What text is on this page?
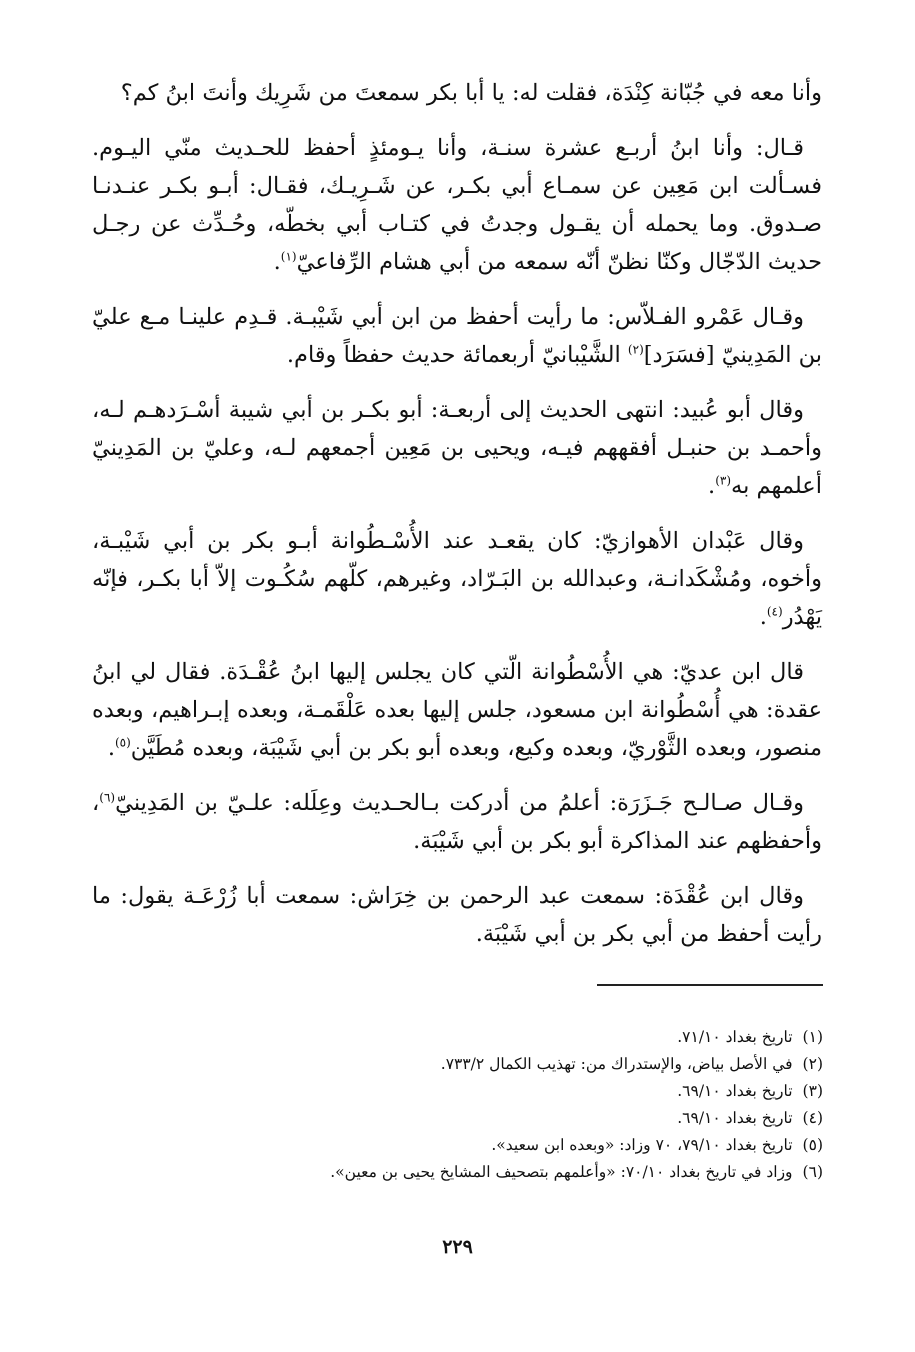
وأنا معه في جُبّانة كِنْدَة، فقلت له: يا أبا بكر سمعتَ من شَرِيك وأنتَ ابنُ كم؟

قـال: وأنا ابنُ أربـع عشرة سنـة، وأنا يـومئذٍ أحفظ للحـديث منّي اليـوم. فسـألت ابن مَعِين عن سمـاع أبي بكـر، عن شَـرِيـك، فقـال: أبـو بكـر عنـدنـا صـدوق. وما يحمله أن يقـول وجدتُ في كتـاب أبي بخطّه، وحُـدِّث عن رجـل حديث الدّجّال وكنّا نظنّ أنّه سمعه من أبي هشام الرِّفاعيّ$^{(١)}$.

وقـال عَمْرو الفـلاّس: ما رأيت أحفظ من ابن أبي شَيْبـة. قـدِم علينـا مـع عليّ بن المَدِينيّ [فسَرَد]$^{(٢)}$ الشَّيْبانيّ أربعمائة حديث حفظاً وقام.

وقال أبو عُبيد: انتهى الحديث إلى أربعـة: أبو بكـر بن أبي شيبة أسْـرَدهـم لـه، وأحمـد بن حنبـل أفقههم فيـه، ويحيى بن مَعِين أجمعهم لـه، وعليّ بن المَدِينيّ أعلمهم به$^{(٣)}$.

وقال عَبْدان الأهوازيّ: كان يقعـد عند الأُسْـطُوانة أبـو بكر بن أبي شَيْبـة، وأخوه، ومُشْكَدانـة، وعبدالله بن البَـرّاد، وغيرهم، كلّهم سُكُـوت إلاّ أبا بكـر، فإنّه يَهْدُر$^{(٤)}$.

قال ابن عديّ: هي الأُسْطُوانة الّتي كان يجلس إليها ابنُ عُقْـدَة. فقال لي ابنُ عقدة: هي أُسْطُوانة ابن مسعود، جلس إليها بعده عَلْقَمـة، وبعده إبـراهيم، وبعده منصور، وبعده الثَّوْريّ، وبعده وكيع، وبعده أبو بكر بن أبي شَيْبَة، وبعده مُطَيَّن$^{(٥)}$.

وقـال صـالـح جَـزَرَة: أعلمُ من أدركت بـالحـديث وعِلَله: علـيّ بن المَدِينيّ$^{(٦)}$، وأحفظهم عند المذاكرة أبو بكر بن أبي شَيْبَة.

وقال ابن عُقْدَة: سمعت عبد الرحمن بن خِرَاش: سمعت أبا زُرْعَـة يقول: ما رأيت أحفظ من أبي بكر بن أبي شَيْبَة.

(١)تاريخ بغداد ٧١/١٠.

(٢)في الأصل بياض، والإستدراك من: تهذيب الكمال ٧٣٣/٢.

(٣)تاريخ بغداد ٦٩/١٠.

(٤)تاريخ بغداد ٦٩/١٠.

(٥)تاريخ بغداد ٧٩/١٠، ٧٠ وزاد: «وبعده ابن سعيد».

(٦)وزاد في تاريخ بغداد ٧٠/١٠: «وأعلمهم بتصحيف المشايخ يحيى بن معين».

٢٢٩
